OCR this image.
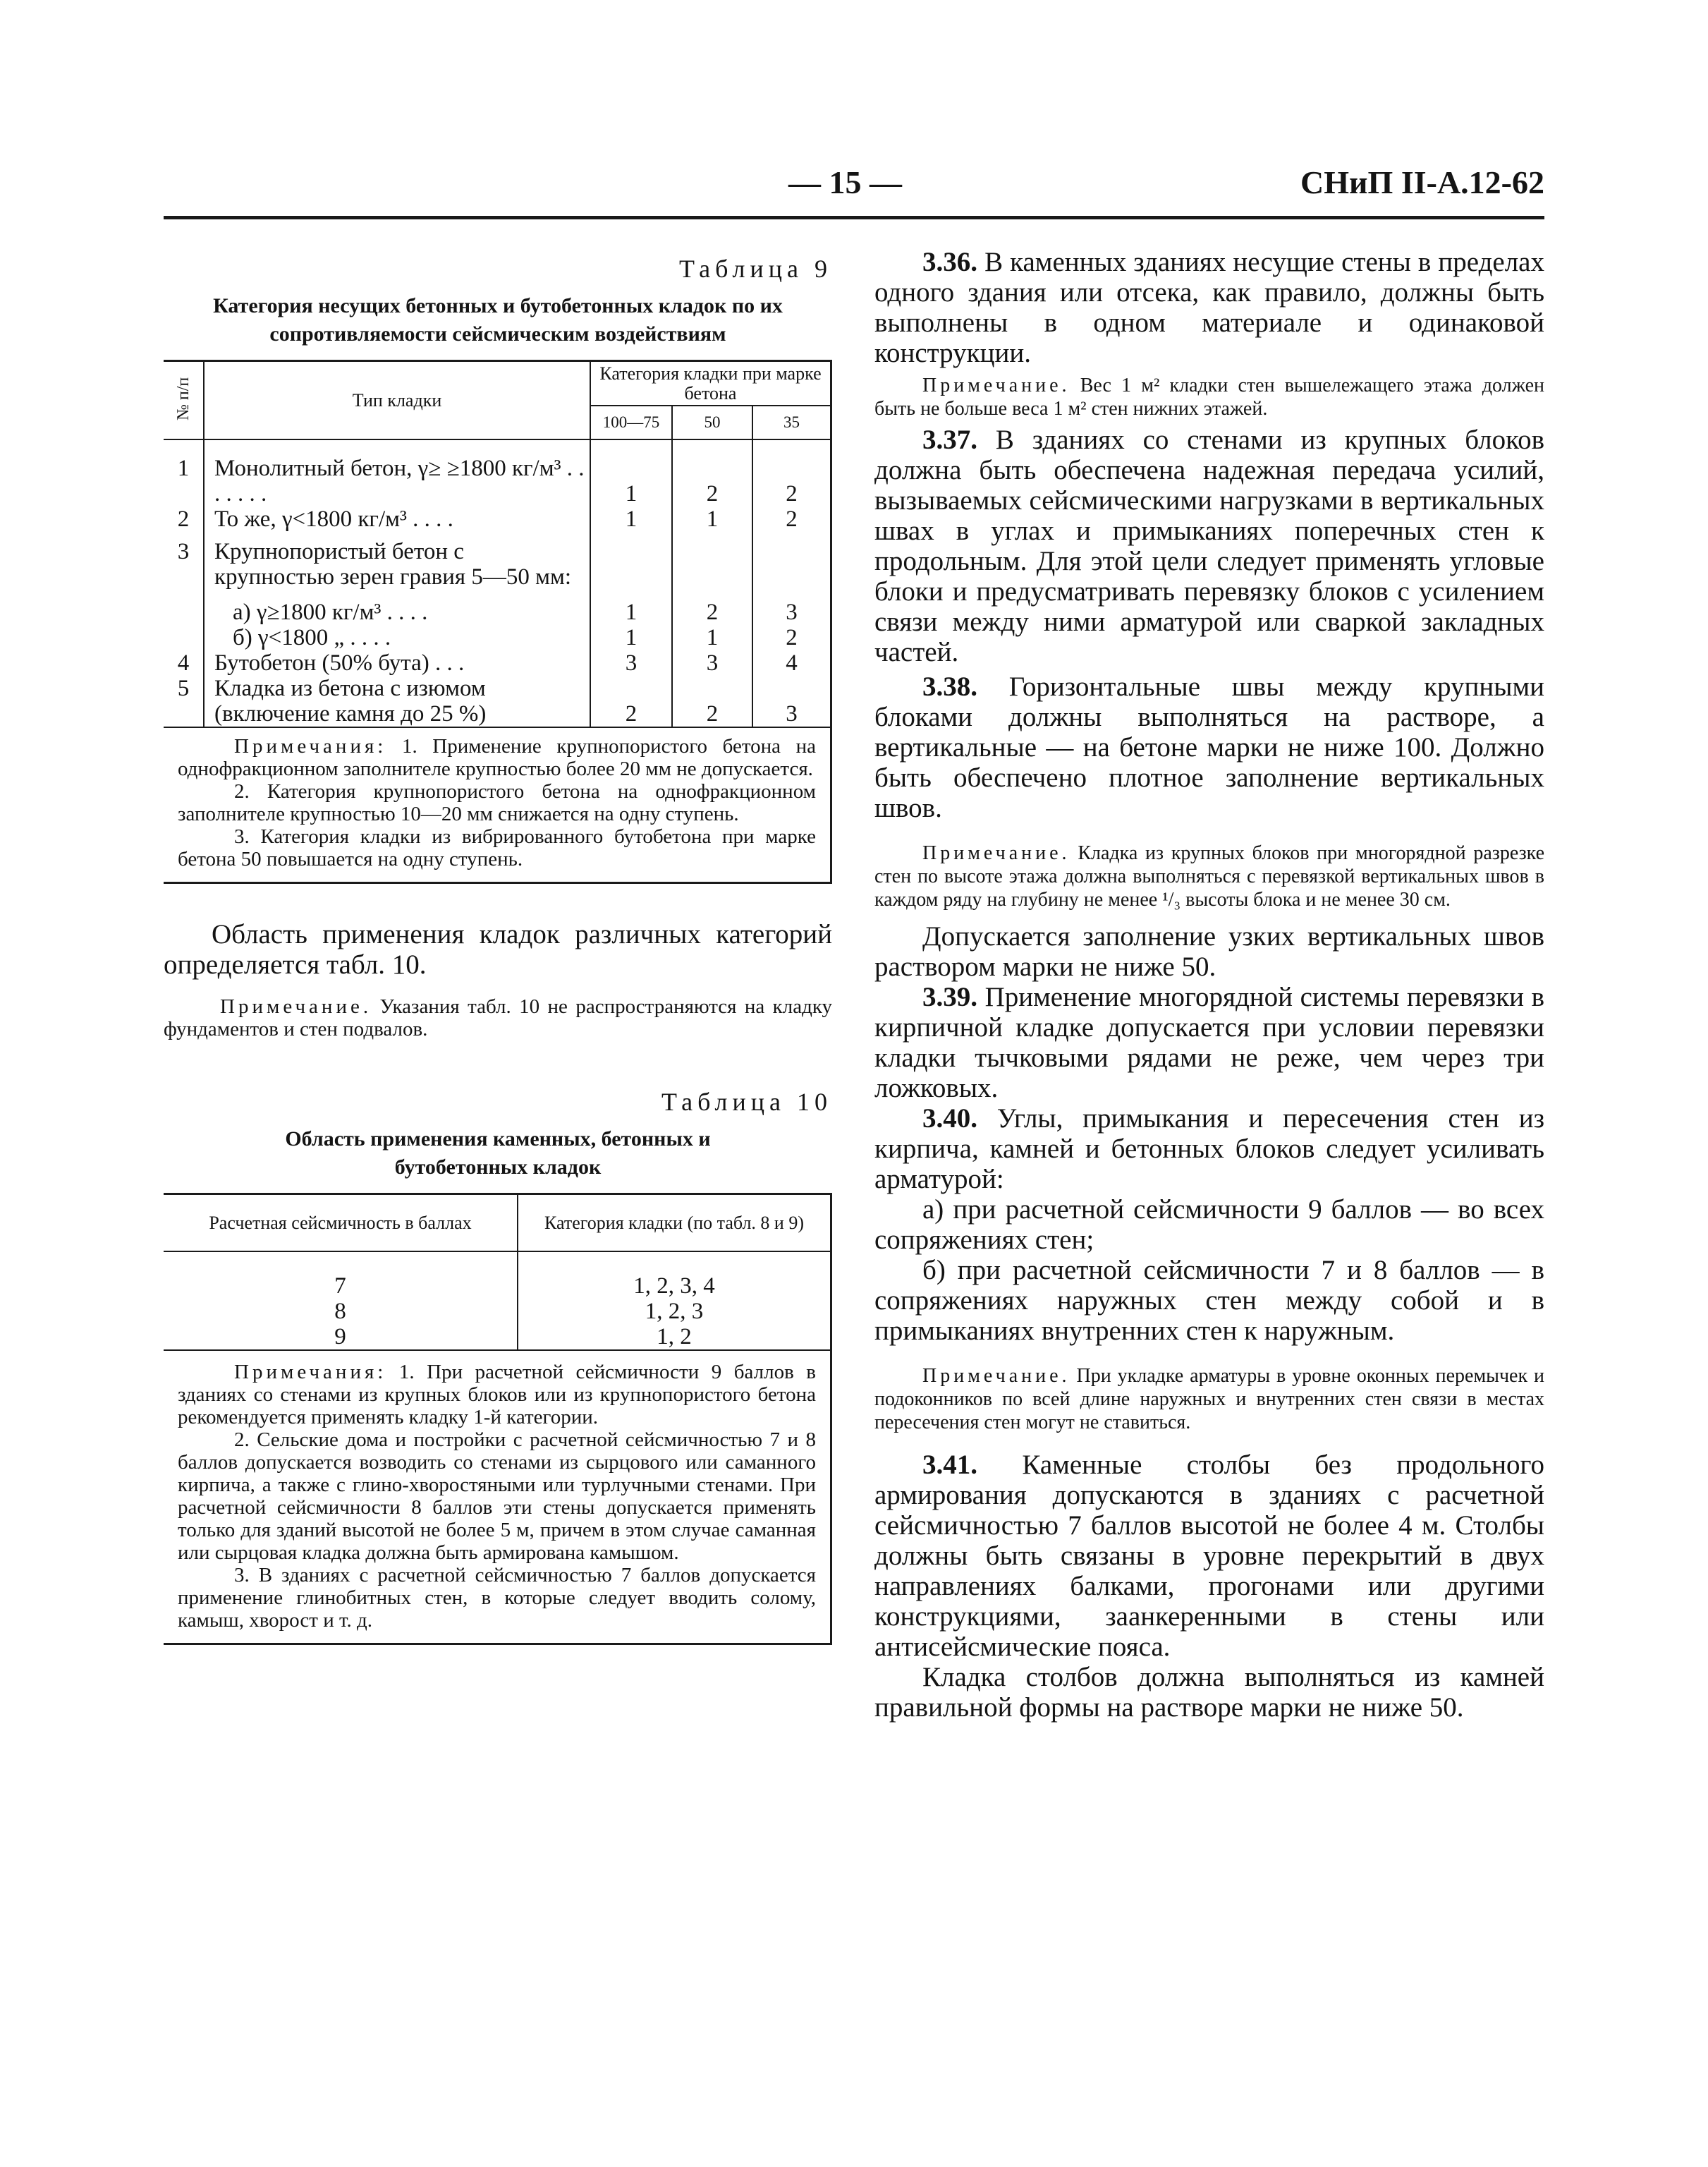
— 15 —	СНиП II-А.12-62
Таблица 9
Категория несущих бетонных и бутобетонных кладок по их сопротивляемости сейсмическим воздействиям
№ п/п	Тип кладки	Категория кладки при марке бетона		
		100—75	50	35

1	Монолитный бетон, γ≥ ≥1800 кг/м³ . . . . . . .	1	2	2
2	То же, γ<1800 кг/м³ . . . .	1	1	2
3	Крупнопористый бетон с крупностью зерен гравия 5—50 мм:			
	а) γ≥1800 кг/м³ . . . .	1	2	3
	б) γ<1800 „ . . . .	1	1	2
4	Бутобетон (50% бута) . . .	3	3	4
5	Кладка из бетона с изюмом (включение камня до 25 %)	2	2	3

Примечания: 1. Применение крупнопористого бетона на однофракционном заполнителе крупностью более 20 мм не допускается.

2. Категория крупнопористого бетона на однофракционном заполнителе крупностью 10—20 мм снижается на одну ступень.

3. Категория кладки из вибрированного бутобетона при марке бетона 50 повышается на одну ступень.

Область применения кладок различных категорий определяется табл. 10.

Примечание. Указания табл. 10 не распространяются на кладку фундаментов и стен подвалов.

Таблица 10
Область применения каменных, бетонных и бутобетонных кладок
Расчетная сейсмичность в баллах	Категория кладки (по табл. 8 и 9)

7	1, 2, 3, 4
8	1, 2, 3
9	1, 2

Примечания: 1. При расчетной сейсмичности 9 баллов в зданиях со стенами из крупных блоков или из крупнопористого бетона рекомендуется применять кладку 1-й категории.

2. Сельские дома и постройки с расчетной сейсмичностью 7 и 8 баллов допускается возводить со стенами из сырцового или саманного кирпича, а также с глино-хворостяными или турлучными стенами. При расчетной сейсмичности 8 баллов эти стены допускается применять только для зданий высотой не более 5 м, причем в этом случае саманная или сырцовая кладка должна быть армирована камышом.

3. В зданиях с расчетной сейсмичностью 7 баллов допускается применение глинобитных стен, в которые следует вводить солому, камыш, хворост и т. д.

3.36. В каменных зданиях несущие стены в пределах одного здания или отсека, как правило, должны быть выполнены в одном материале и одинаковой конструкции.

Примечание. Вес 1 м² кладки стен вышележащего этажа должен быть не больше веса 1 м² стен нижних этажей.

3.37. В зданиях со стенами из крупных блоков должна быть обеспечена надежная передача усилий, вызываемых сейсмическими нагрузками в вертикальных швах в углах и примыканиях поперечных стен к продольным. Для этой цели следует применять угловые блоки и предусматривать перевязку блоков с усилением связи между ними арматурой или сваркой закладных частей.

3.38. Горизонтальные швы между крупными блоками должны выполняться на растворе, а вертикальные — на бетоне марки не ниже 100. Должно быть обеспечено плотное заполнение вертикальных швов.

Примечание. Кладка из крупных блоков при многорядной разрезке стен по высоте этажа должна выполняться с перевязкой вертикальных швов в каждом ряду на глубину не менее ¹/₃ высоты блока и не менее 30 см.

Допускается заполнение узких вертикальных швов раствором марки не ниже 50.

3.39. Применение многорядной системы перевязки в кирпичной кладке допускается при условии перевязки кладки тычковыми рядами не реже, чем через три ложковых.

3.40. Углы, примыкания и пересечения стен из кирпича, камней и бетонных блоков следует усиливать арматурой:

а) при расчетной сейсмичности 9 баллов — во всех сопряжениях стен;

б) при расчетной сейсмичности 7 и 8 баллов — в сопряжениях наружных стен между собой и в примыканиях внутренних стен к наружным.

Примечание. При укладке арматуры в уровне оконных перемычек и подоконников по всей длине наружных и внутренних стен связи в местах пересечения стен могут не ставиться.

3.41. Каменные столбы без продольного армирования допускаются в зданиях с расчетной сейсмичностью 7 баллов высотой не более 4 м. Столбы должны быть связаны в уровне перекрытий в двух направлениях балками, прогонами или другими конструкциями, заанкеренными в стены или антисейсмические пояса.

Кладка столбов должна выполняться из камней правильной формы на растворе марки не ниже 50.
